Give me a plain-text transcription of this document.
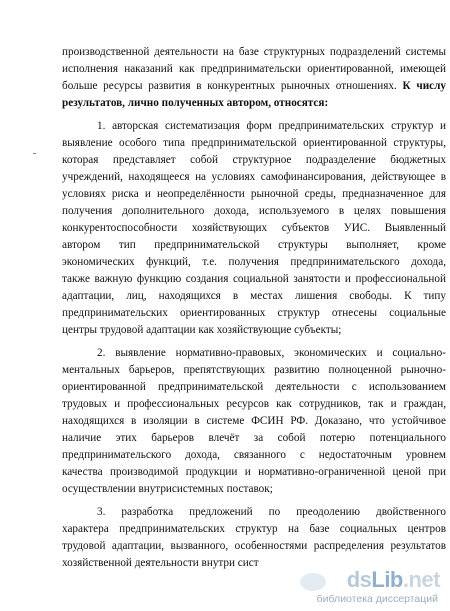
производственной деятельности на базе структурных подразделений системы
исполнения наказаний как предпринимательски ориентированной, имеющей
больше ресурсы развития в конкурентных рыночных отношениях. К числу
результатов, лично полученных автором, относятся:
1. авторская систематизация форм предпринимательских структур и
выявление особого типа предпринимательской ориентированной структуры,
которая представляет собой структурное подразделение бюджетных
учреждений, находящееся на условиях самофинансирования, действующее в
условиях риска и неопределённости рыночной среды, предназначенное для
получения дополнительного дохода, используемого в целях повышения
конкурентоспособности хозяйствующих субъектов УИС. Выявленный
автором тип предпринимательской структуры выполняет, кроме
экономических функций, т.е. получения предпринимательского дохода,
также важную функцию создания социальной занятости и профессиональной
адаптации, лиц, находящихся в местах лишения свободы. К типу
предпринимательских ориентированных структур отнесены социальные
центры трудовой адаптации как хозяйствующие субъекты;
2. выявление нормативно-правовых, экономических и социально-
ментальных барьеров, препятствующих развитию полноценной рыночно-
ориентированной предпринимательской деятельности с использованием
трудовых и профессиональных ресурсов как сотрудников, так и граждан,
находящихся в изоляции в системе ФСИН РФ. Доказано, что устойчивое
наличие этих барьеров влечёт за собой потерю потенциального
предпринимательского дохода, связанного с недостаточным уровнем
качества производимой продукции и нормативно-ограниченной ценой при
осуществлении внутрисистемных поставок;
3. разработка предложений по преодолению двойственного
характера предпринимательских структур на базе социальных центров
трудовой адаптации, вызванного, особенностями распределения результатов
хозяйственной деятельности внутри сист
dsLib.net
библиотека диссертаций
